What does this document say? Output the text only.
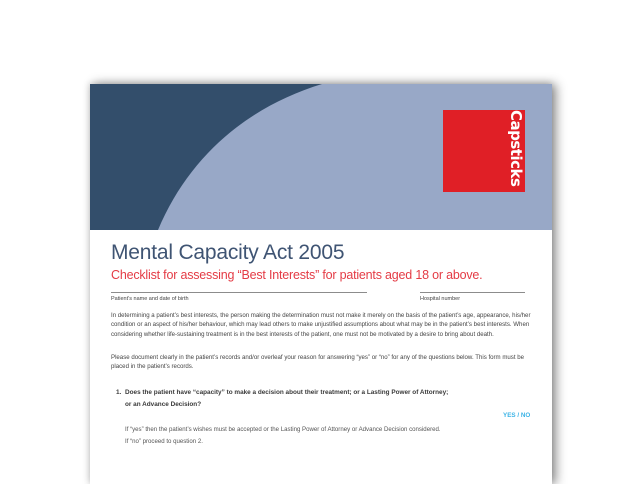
Capsticks
Mental Capacity Act 2005
Checklist for assessing “Best Interests” for patients aged 18 or above.
Patient’s name and date of birth	Hospital number
In determining a patient’s best interests, the person making the determination must not make it merely on the basis of the patient’s age, appearance, his/her condition or an aspect of his/her behaviour, which may lead others to make unjustified assumptions about what may be in the patient’s best interests. When considering whether life-sustaining treatment is in the best interests of the patient, one must not be motivated by a desire to bring about death.
Please document clearly in the patient’s records and/or overleaf your reason for answering “yes” or “no” for any of the questions below. This form must be placed in the patient’s records.
1. Does the patient have “capacity” to make a decision about their treatment; or a Lasting Power of Attorney;
or an Advance Decision?
YES / NO
If “yes” then the patient’s wishes must be accepted or the Lasting Power of Attorney or Advance Decision considered.
If “no” proceed to question 2.
